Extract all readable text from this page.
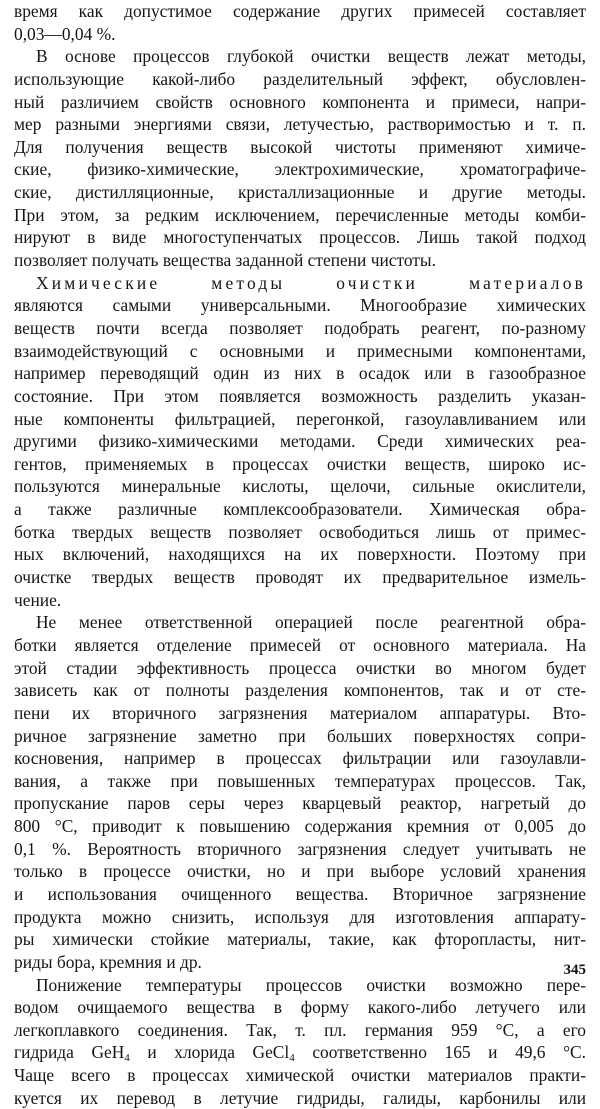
время как допустимое содержание других примесей составляет
0,03—0,04 %.
В основе процессов глубокой очистки веществ лежат методы,
использующие какой-либо разделительный эффект, обусловлен-
ный различием свойств основного компонента и примеси, напри-
мер разными энергиями связи, летучестью, растворимостью и т. п.
Для получения веществ высокой чистоты применяют химиче-
ские, физико-химические, электрохимические, хроматографиче-
ские, дистилляционные, кристаллизационные и другие методы.
При этом, за редким исключением, перечисленные методы комби-
нируют в виде многоступенчатых процессов. Лишь такой подход
позволяет получать вещества заданной степени чистоты.
Химические методы очистки материалов
являются самыми универсальными. Многообразие химических
веществ почти всегда позволяет подобрать реагент, по-разному
взаимодействующий с основными и примесными компонентами,
например переводящий один из них в осадок или в газообразное
состояние. При этом появляется возможность разделить указан-
ные компоненты фильтрацией, перегонкой, газоулавливанием или
другими физико-химическими методами. Среди химических реа-
гентов, применяемых в процессах очистки веществ, широко ис-
пользуются минеральные кислоты, щелочи, сильные окислители,
а также различные комплексообразователи. Химическая обра-
ботка твердых веществ позволяет освободиться лишь от примес-
ных включений, находящихся на их поверхности. Поэтому при
очистке твердых веществ проводят их предварительное измель-
чение.
Не менее ответственной операцией после реагентной обра-
ботки является отделение примесей от основного материала. На
этой стадии эффективность процесса очистки во многом будет
зависеть как от полноты разделения компонентов, так и от сте-
пени их вторичного загрязнения материалом аппаратуры. Вто-
ричное загрязнение заметно при больших поверхностях сопри-
косновения, например в процессах фильтрации или газоулавли-
вания, а также при повышенных температурах процессов. Так,
пропускание паров серы через кварцевый реактор, нагретый до
800 °С, приводит к повышению содержания кремния от 0,005 до
0,1 %. Вероятность вторичного загрязнения следует учитывать не
только в процессе очистки, но и при выборе условий хранения
и использования очищенного вещества. Вторичное загрязнение
продукта можно снизить, используя для изготовления аппарату-
ры химически стойкие материалы, такие, как фторопласты, нит-
риды бора, кремния и др.
Понижение температуры процессов очистки возможно пере-
водом очищаемого вещества в форму какого-либо летучего или
легкоплавкого соединения. Так, т. пл. германия 959 °С, а его
гидрида GeH$_4$ и хлорида GeCl$_4$ соответственно 165 и 49,6 °С.
Чаще всего в процессах химической очистки материалов практи-
куется их перевод в летучие гидриды, галиды, карбонилы или
345
